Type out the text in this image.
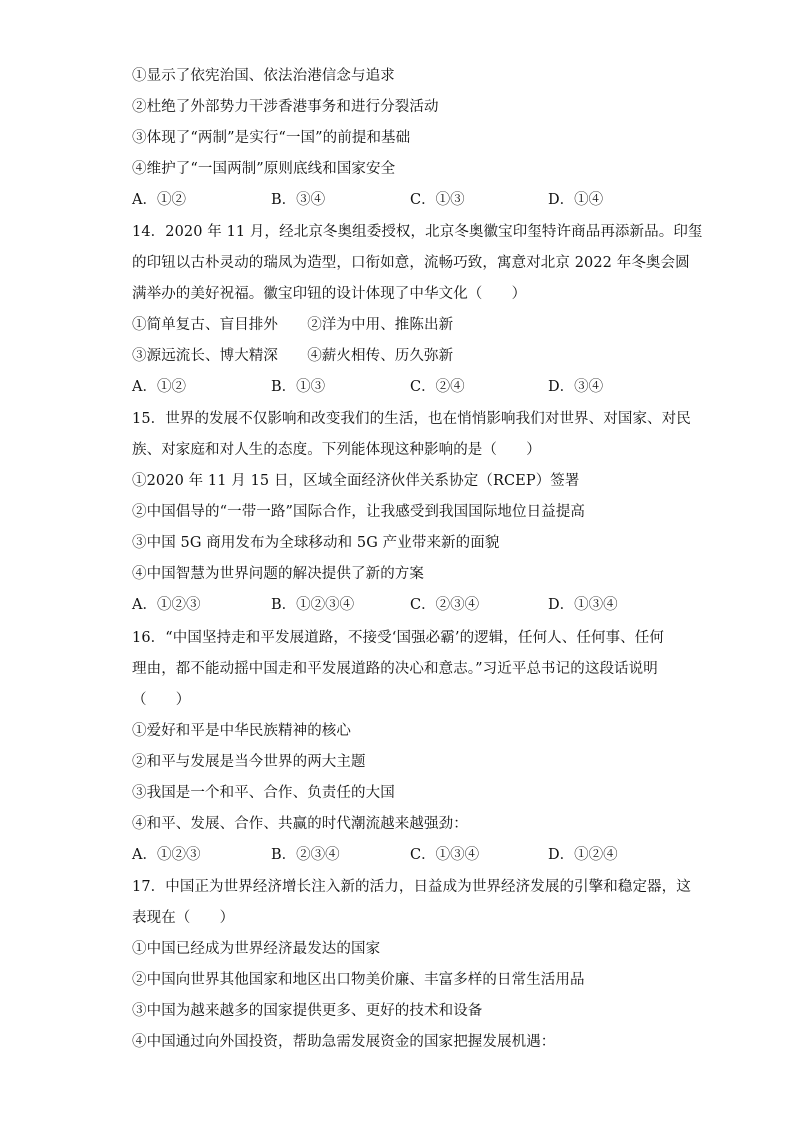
①显示了依宪治国、依法治港信念与追求
②杜绝了外部势力干涉香港事务和进行分裂活动
③体现了“两制”是实行“一国”的前提和基础
④维护了“一国两制”原则底线和国家安全
A．①②	B．③④	C．①③	D．①④
14．2020 年 11 月，经北京冬奥组委授权，北京冬奥徽宝印玺特许商品再添新品。印玺
的印钮以古朴灵动的瑞凤为造型，口衔如意，流畅巧致，寓意对北京 2022 年冬奥会圆
满举办的美好祝福。徽宝印钮的设计体现了中华文化（　　）
①简单复古、盲目排外　　②洋为中用、推陈出新
③源远流长、博大精深　　④薪火相传、历久弥新
A．①②	B．①③	C．②④	D．③④
15．世界的发展不仅影响和改变我们的生活，也在悄悄影响我们对世界、对国家、对民
族、对家庭和对人生的态度。下列能体现这种影响的是（　　）
①2020 年 11 月 15 日，区域全面经济伙伴关系协定（RCEP）签署
②中国倡导的“一带一路”国际合作，让我感受到我国国际地位日益提高
③中国 5G 商用发布为全球移动和 5G 产业带来新的面貌
④中国智慧为世界问题的解决提供了新的方案
A．①②③	B．①②③④	C．②③④	D．①③④
16．“中国坚持走和平发展道路，不接受‘国强必霸’的逻辑，任何人、任何事、任何
理由，都不能动摇中国走和平发展道路的决心和意志。”习近平总书记的这段话说明
（　　）
①爱好和平是中华民族精神的核心
②和平与发展是当今世界的两大主题
③我国是一个和平、合作、负责任的大国
④和平、发展、合作、共赢的时代潮流越来越强劲：
A．①②③	B．②③④	C．①③④	D．①②④
17．中国正为世界经济增长注入新的活力，日益成为世界经济发展的引擎和稳定器，这
表现在（　　）
①中国已经成为世界经济最发达的国家
②中国向世界其他国家和地区出口物美价廉、丰富多样的日常生活用品
③中国为越来越多的国家提供更多、更好的技术和设备
④中国通过向外国投资，帮助急需发展资金的国家把握发展机遇：
